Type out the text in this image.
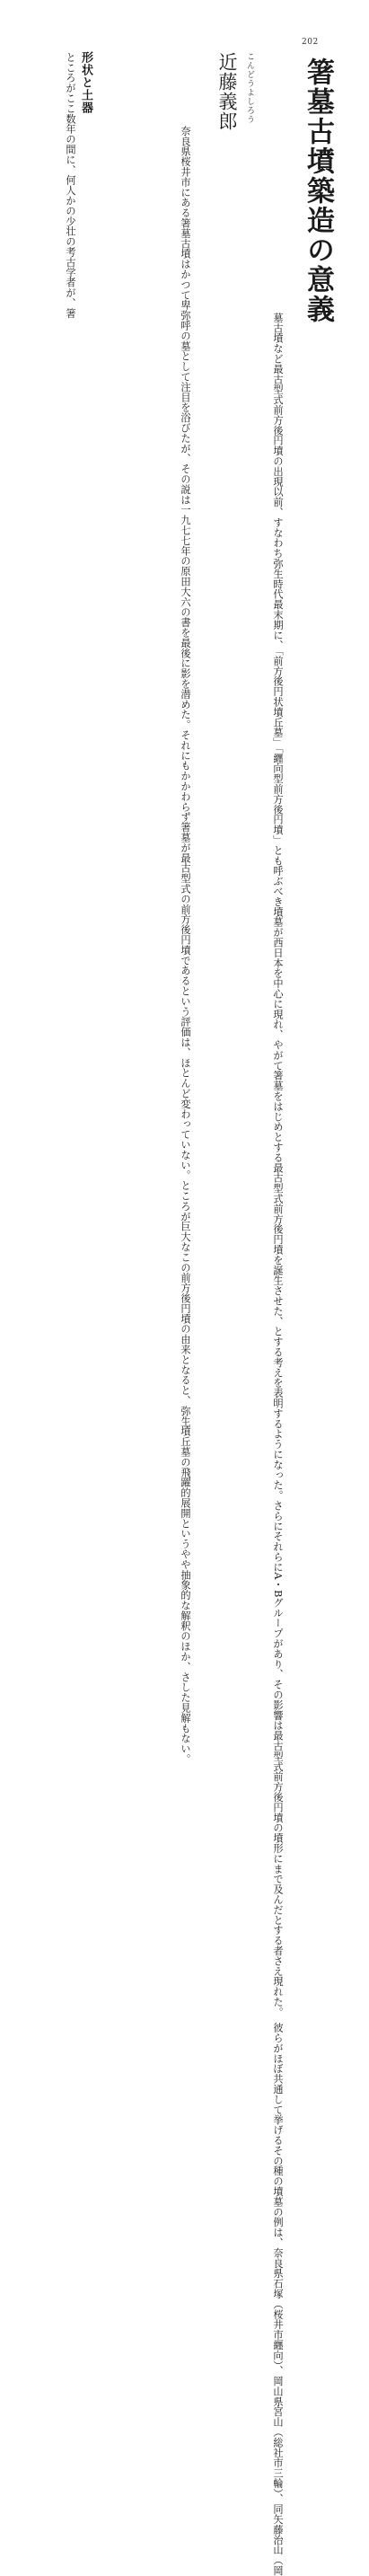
202
箸墓古墳築造の意義
こんどうよしろう
近藤義郎

奈良県桜井市にある箸墓古墳はかつて卑弥呼の墓として注目を浴びたが、その説は一九七七年の原田大六の書を最後に影を潜めた。それにもかかわらず箸墓が最古型式の前方後円墳であるという評価は、ほとんど変わっていない。ところが巨大なこの前方後円墳の由来となると、弥生墳丘墓の飛躍的展開というやや抽象的な解釈のほか、さした見解もない。

形状と土器

ところがここ数年の間に、何人かの少壮の考古学者が、箸

墓古墳など最古型式前方後円墳の出現以前、すなわち弥生時代最末期に、「前方後円状墳丘墓」「纒向型前方後円墳」とも呼ぶべき墳墓が西日本を中心に現れ、やがて箸墓をはじめとする最古型式前方後円墳を誕生させた、とする考えを表明するようになった。さらにそれらにA・Bグループがあり、その影響は最古型式前方後円墳の墳形にまで及んだとする者さえ現れた。　彼らがほぼ共通して挙げるその種の墳墓の例は、奈良県石塚（桜井市纒向）、岡山県宮山（総社市三輪）、同矢藤治山（岡
